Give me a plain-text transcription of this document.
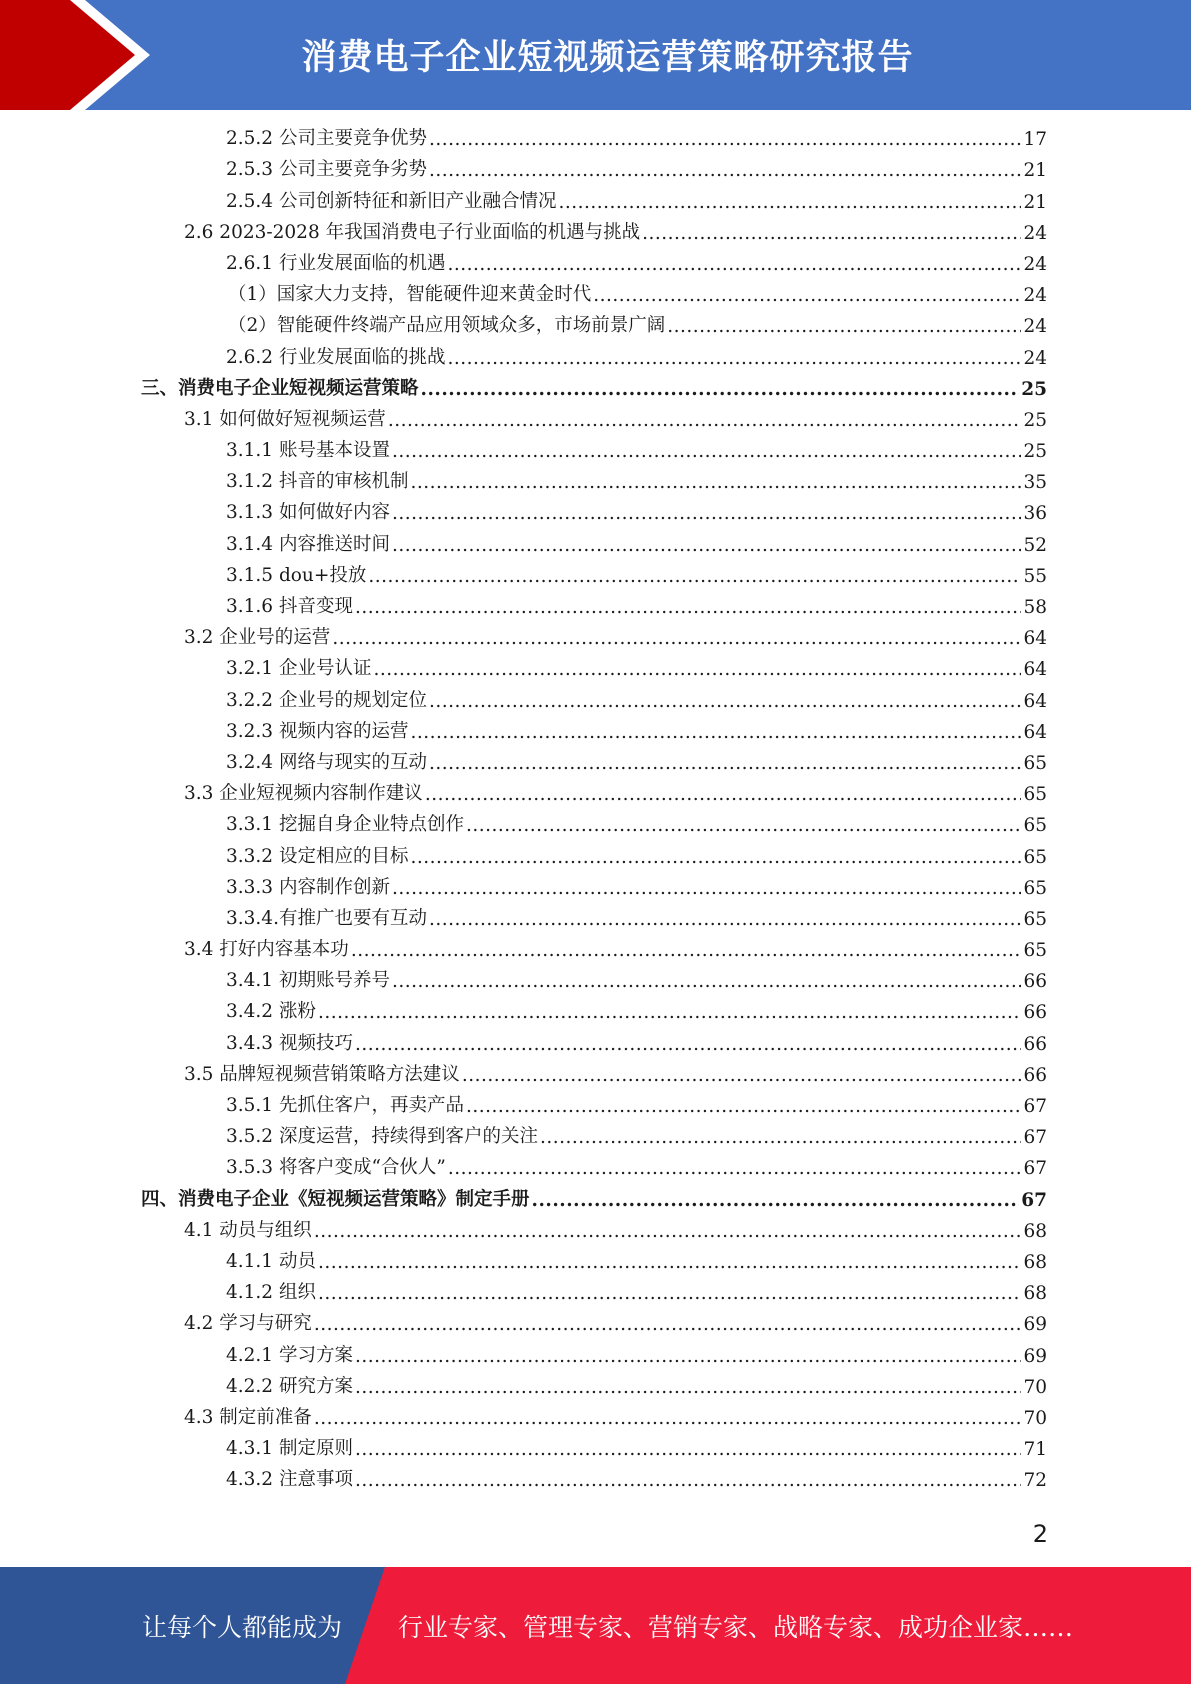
消费电子企业短视频运营策略研究报告
2.5.2 公司主要竞争优势 .....	17
2.5.3 公司主要竞争劣势 .....	21
2.5.4 公司创新特征和新旧产业融合情况 .....	21
2.6 2023-2028 年我国消费电子行业面临的机遇与挑战 .....	24
2.6.1 行业发展面临的机遇 .....	24
（1）国家大力支持，智能硬件迎来黄金时代 .....	24
（2）智能硬件终端产品应用领域众多，市场前景广阔 .....	24
2.6.2 行业发展面临的挑战 .....	24
三、消费电子企业短视频运营策略 .....	25
3.1 如何做好短视频运营 .....	25
3.1.1 账号基本设置 .....	25
3.1.2 抖音的审核机制 .....	35
3.1.3 如何做好内容 .....	36
3.1.4 内容推送时间 .....	52
3.1.5 dou+投放 .....	55
3.1.6 抖音变现 .....	58
3.2 企业号的运营 .....	64
3.2.1 企业号认证 .....	64
3.2.2 企业号的规划定位 .....	64
3.2.3 视频内容的运营 .....	64
3.2.4 网络与现实的互动 .....	65
3.3 企业短视频内容制作建议 .....	65
3.3.1 挖掘自身企业特点创作 .....	65
3.3.2 设定相应的目标 .....	65
3.3.3 内容制作创新 .....	65
3.3.4.有推广也要有互动 .....	65
3.4 打好内容基本功 .....	65
3.4.1 初期账号养号 .....	66
3.4.2 涨粉 .....	66
3.4.3 视频技巧 .....	66
3.5 品牌短视频营销策略方法建议 .....	66
3.5.1 先抓住客户，再卖产品 .....	67
3.5.2 深度运营，持续得到客户的关注 .....	67
3.5.3 将客户变成“合伙人” .....	67
四、消费电子企业《短视频运营策略》制定手册 .....	67
4.1 动员与组织 .....	68
4.1.1 动员 .....	68
4.1.2 组织 .....	68
4.2 学习与研究 .....	69
4.2.1 学习方案 .....	69
4.2.2 研究方案 .....	70
4.3 制定前准备 .....	70
4.3.1 制定原则 .....	71
4.3.2 注意事项 .....	72
2
让每个人都能成为 行业专家、管理专家、营销专家、战略专家、成功企业家……
